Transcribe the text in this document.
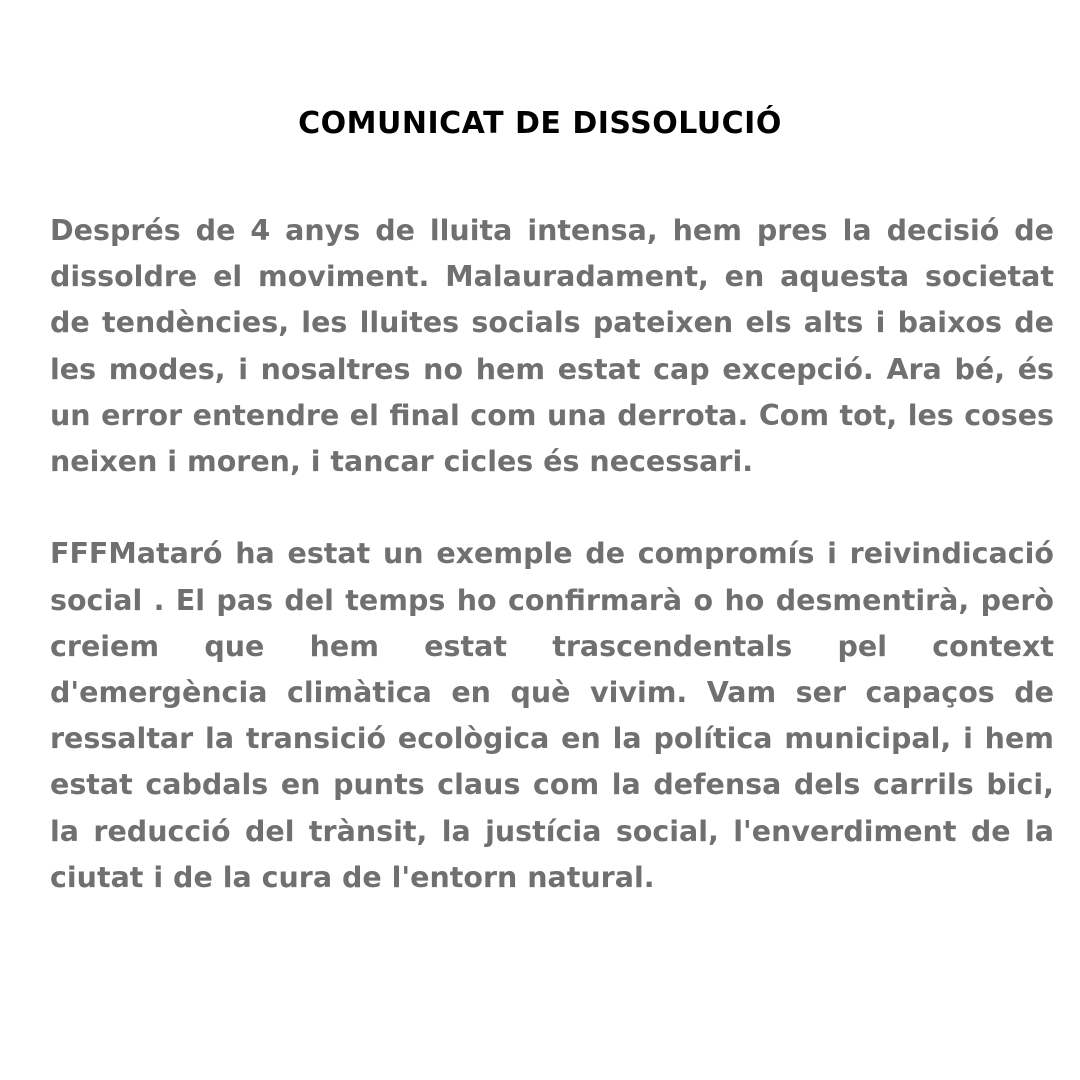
COMUNICAT DE DISSOLUCIÓ

Després de 4 anys de lluita intensa, hem pres la decisió de dissoldre el moviment. Malauradament, en aquesta societat de tendències, les lluites socials pateixen els alts i baixos de les modes, i nosaltres no hem estat cap excepció. Ara bé, és un error entendre el final com una derrota. Com tot, les coses neixen i moren, i tancar cicles és necessari.

FFFMataró ha estat un exemple de compromís i reivindicació social . El pas del temps ho confirmarà o ho desmentirà, però creiem que hem estat trascendentals pel context d'emergència climàtica en què vivim. Vam ser capaços de ressaltar la transició ecològica en la política municipal, i hem estat cabdals en punts claus com la defensa dels carrils bici, la reducció del trànsit, la justícia social, l'enverdiment de la ciutat i de la cura de l'entorn natural.
